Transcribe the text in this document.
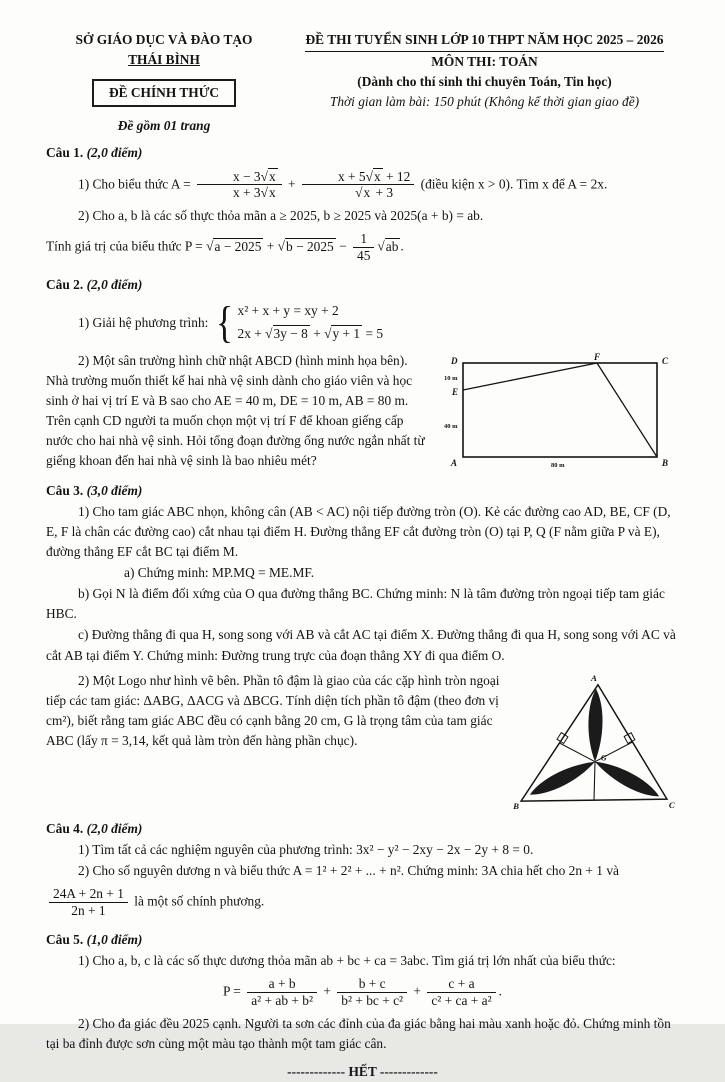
SỞ GIÁO DỤC VÀ ĐÀO TẠO
THÁI BÌNH
ĐỀ CHÍNH THỨC
Đề gồm 01 trang
ĐỀ THI TUYỂN SINH LỚP 10 THPT NĂM HỌC 2025 – 2026
MÔN THI: TOÁN
(Dành cho thí sinh thi chuyên Toán, Tin học)
Thời gian làm bài: 150 phút (Không kể thời gian giao đề)
Câu 1. (2,0 điểm)
1) Cho biểu thức $A = \frac{x - 3√x}{x + 3√x} + \frac{x + 5√x + 12}{√x + 3}$ (điều kiện x > 0). Tìm x để A = 2x.
2) Cho a, b là các số thực thỏa mãn a ≥ 2025, b ≥ 2025 và 2025(a + b) = ab.
Tính giá trị của biểu thức $P = √a - 2025 + √b - 2025 - \frac{1}{45} √ab$ .
Câu 2. (2,0 điểm)
1) Giải hệ phương trình: { x² + x + y = xy + 2
2x + √3y − 8 + √y + 1 = 5
D	F	C
E
A	B
10 m
40 m
80 m
2) Một sân trường hình chữ nhật ABCD (hình minh họa bên). Nhà trường muốn thiết kế hai nhà vệ sinh dành cho giáo viên và học sinh ở hai vị trí E và B sao cho AE = 40 m, DE = 10 m, AB = 80 m. Trên cạnh CD người ta muốn chọn một vị trí F để khoan giếng cấp nước cho hai nhà vệ sinh. Hỏi tổng đoạn đường ống nước ngắn nhất từ giếng khoan đến hai nhà vệ sinh là bao nhiêu mét?
Câu 3. (3,0 điểm)
1) Cho tam giác ABC nhọn, không cân (AB < AC) nội tiếp đường tròn (O). Kẻ các đường cao AD, BE, CF (D, E, F là chân các đường cao) cắt nhau tại điểm H. Đường thẳng EF cắt đường tròn (O) tại P, Q (F nằm giữa P và E), đường thẳng EF cắt BC tại điểm M.
a) Chứng minh: MP.MQ = ME.MF.
b) Gọi N là điểm đối xứng của O qua đường thẳng BC. Chứng minh: N là tâm đường tròn ngoại tiếp tam giác HBC.
c) Đường thẳng đi qua H, song song với AB và cắt AC tại điểm X. Đường thẳng đi qua H, song song với AC và cắt AB tại điểm Y. Chứng minh: Đường trung trực của đoạn thẳng XY đi qua điểm O.
A
B	C
G
2) Một Logo như hình vẽ bên. Phần tô đậm là giao của các cặp hình tròn ngoại tiếp các tam giác: ΔABG, ΔACG và ΔBCG. Tính diện tích phần tô đậm (theo đơn vị cm²), biết rằng tam giác ABC đều có cạnh bằng 20 cm, G là trọng tâm của tam giác ABC (lấy π = 3,14, kết quả làm tròn đến hàng phần chục).
Câu 4. (2,0 điểm)
1) Tìm tất cả các nghiệm nguyên của phương trình: 3x² − y² − 2xy − 2x − 2y + 8 = 0.
2) Cho số nguyên dương n và biểu thức A = 1² + 2² + ... + n². Chứng minh: 3A chia hết cho 2n + 1 và
$\frac{24A + 2n + 1}{2n + 1}$ là một số chính phương.
Câu 5. (1,0 điểm)
1) Cho a, b, c là các số thực dương thỏa mãn ab + bc + ca = 3abc. Tìm giá trị lớn nhất của biểu thức:
$P = \frac{a + b}{\text{a² + ab + b²}} + \frac{b + c}{\text{b² + bc + c²}} + \frac{c + a}{\text{c² + ca + a²}}$ .
2) Cho đa giác đều 2025 cạnh. Người ta sơn các đỉnh của đa giác bằng hai màu xanh hoặc đỏ. Chứng minh tồn tại ba đỉnh được sơn cùng một màu tạo thành một tam giác cân.
------------- HẾT -------------
